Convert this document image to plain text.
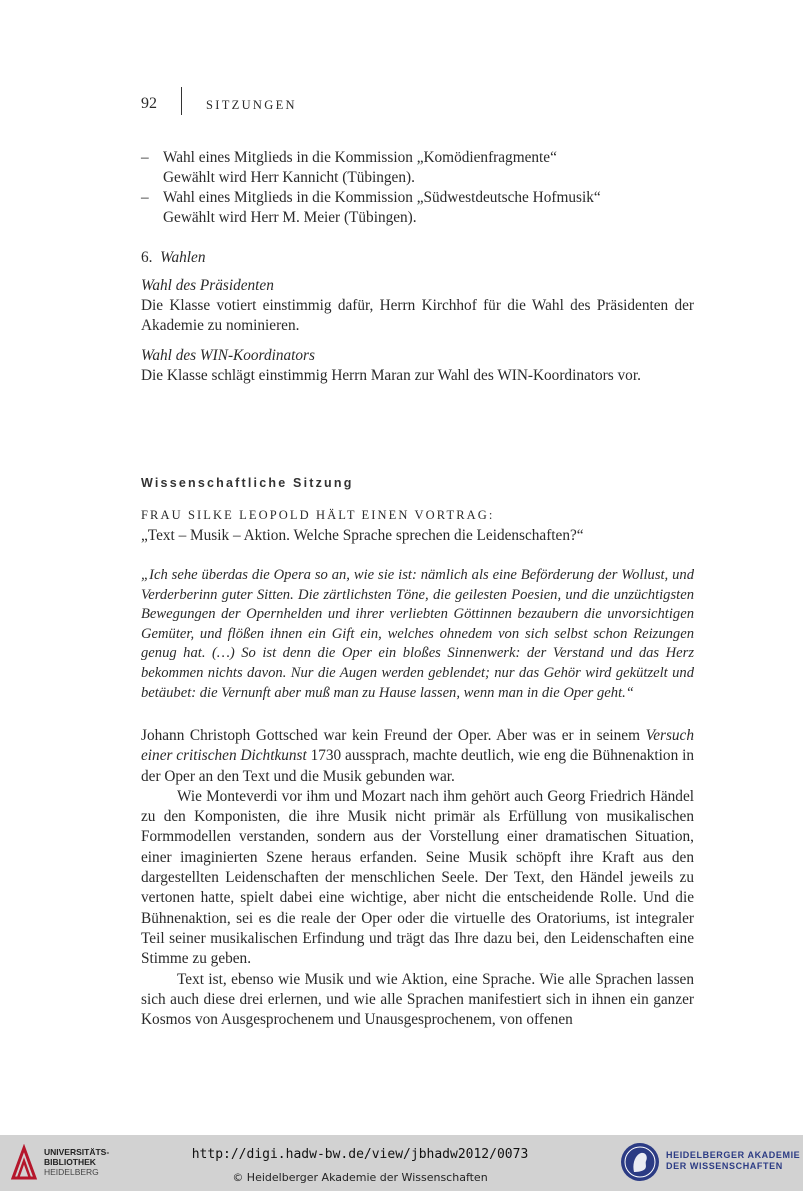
92	SITZUNGEN
– Wahl eines Mitglieds in die Kommission „Komödienfragmente“
Gewählt wird Herr Kannicht (Tübingen).
– Wahl eines Mitglieds in die Kommission „Südwestdeutsche Hofmusik“
Gewählt wird Herr M. Meier (Tübingen).
6. Wahlen
Wahl des Präsidenten

Die Klasse votiert einstimmig dafür, Herrn Kirchhof für die Wahl des Präsidenten der Akademie zu nominieren.

Wahl des WIN-Koordinators

Die Klasse schlägt einstimmig Herrn Maran zur Wahl des WIN-Koordinators vor.

Wissenschaftliche Sitzung
FRAU SILKE LEOPOLD HÄLT EINEN VORTRAG:
„Text – Musik – Aktion. Welche Sprache sprechen die Leidenschaften?“

„Ich sehe überdas die Opera so an, wie sie ist: nämlich als eine Beförderung der Wollust, und Verderberinn guter Sitten. Die zärtlichsten Töne, die geilesten Poesien, und die unzüchtigsten Bewegungen der Opernhelden und ihrer verliebten Göttinnen bezaubern die unvorsichtigen Gemüter, und flößen ihnen ein Gift ein, welches ohnedem von sich selbst schon Reizungen genug hat. (…) So ist denn die Oper ein bloßes Sinnenwerk: der Verstand und das Herz bekommen nichts davon. Nur die Augen werden geblendet; nur das Gehör wird gekützelt und betäubet: die Vernunft aber muß man zu Hause lassen, wenn man in die Oper geht.“

Johann Christoph Gottsched war kein Freund der Oper. Aber was er in seinem Versuch einer critischen Dichtkunst 1730 aussprach, machte deutlich, wie eng die Bühnenaktion in der Oper an den Text und die Musik gebunden war.

Wie Monteverdi vor ihm und Mozart nach ihm gehört auch Georg Friedrich Händel zu den Komponisten, die ihre Musik nicht primär als Erfüllung von musikalischen Formmodellen verstanden, sondern aus der Vorstellung einer dramatischen Situation, einer imaginierten Szene heraus erfanden. Seine Musik schöpft ihre Kraft aus den dargestellten Leidenschaften der menschlichen Seele. Der Text, den Händel jeweils zu vertonen hatte, spielt dabei eine wichtige, aber nicht die entscheidende Rolle. Und die Bühnenaktion, sei es die reale der Oper oder die virtuelle des Oratoriums, ist integraler Teil seiner musikalischen Erfindung und trägt das Ihre dazu bei, den Leidenschaften eine Stimme zu geben.

Text ist, ebenso wie Musik und wie Aktion, eine Sprache. Wie alle Sprachen lassen sich auch diese drei erlernen, und wie alle Sprachen manifestiert sich in ihnen ein ganzer Kosmos von Ausgesprochenem und Unausgesprochenem, von offenen

UNIVERSITÄTS-
BIBLIOTHEK
HEIDELBERG
http://digi.hadw-bw.de/view/jbhadw2012/0073
© Heidelberger Akademie der Wissenschaften
HEIDELBERGER AKADEMIE
DER WISSENSCHAFTEN
